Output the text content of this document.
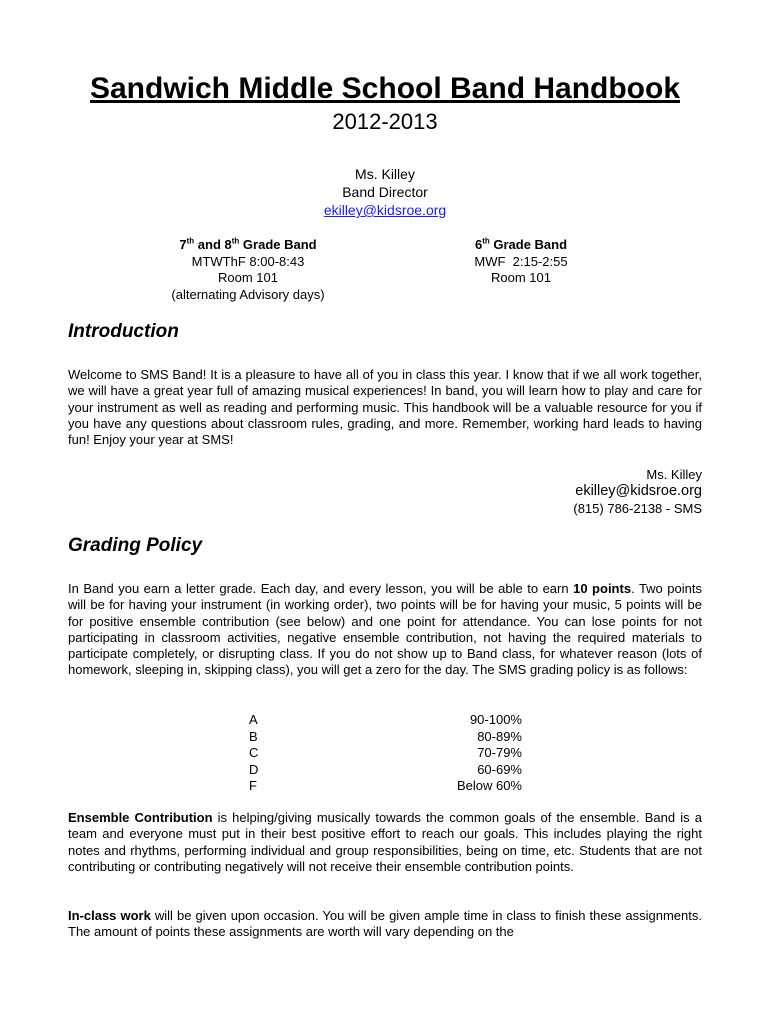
Sandwich Middle School Band Handbook
2012-2013
Ms. Killey
Band Director
ekilley@kidsroe.org
7th and 8th Grade Band
MTWThF 8:00-8:43
Room 101
(alternating Advisory days)
6th Grade Band
MWF  2:15-2:55
Room 101
Introduction
Welcome to SMS Band! It is a pleasure to have all of you in class this year. I know that if we all work together, we will have a great year full of amazing musical experiences! In band, you will learn how to play and care for your instrument as well as reading and performing music. This handbook will be a valuable resource for you if you have any questions about classroom rules, grading, and more. Remember, working hard leads to having fun! Enjoy your year at SMS!
Ms. Killey
ekilley@kidsroe.org
(815) 786-2138 - SMS
Grading Policy
In Band you earn a letter grade. Each day, and every lesson, you will be able to earn 10 points. Two points will be for having your instrument (in working order), two points will be for having your music, 5 points will be for positive ensemble contribution (see below) and one point for attendance. You can lose points for not participating in classroom activities, negative ensemble contribution, not having the required materials to participate completely, or disrupting class. If you do not show up to Band class, for whatever reason (lots of homework, sleeping in, skipping class), you will get a zero for the day. The SMS grading policy is as follows:
A	90-100%
B	80-89%
C	70-79%
D	60-69%
F	Below 60%
Ensemble Contribution is helping/giving musically towards the common goals of the ensemble. Band is a team and everyone must put in their best positive effort to reach our goals. This includes playing the right notes and rhythms, performing individual and group responsibilities, being on time, etc. Students that are not contributing or contributing negatively will not receive their ensemble contribution points.
In-class work will be given upon occasion. You will be given ample time in class to finish these assignments. The amount of points these assignments are worth will vary depending on the
